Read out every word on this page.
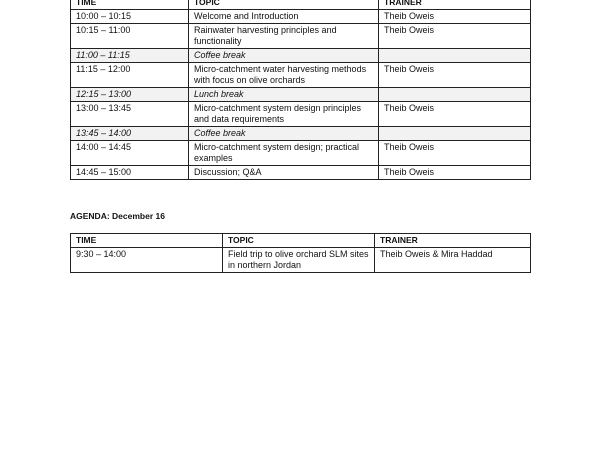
TIME	TOPIC	TRAINER
10:00 – 10:15	Welcome and Introduction	Theib Oweis
10:15 – 11:00	Rainwater harvesting principles and functionality	Theib Oweis
11:00 – 11:15	Coffee break	
11:15 – 12:00	Micro-catchment water harvesting methods with focus on olive orchards	Theib Oweis
12:15 – 13:00	Lunch break	
13:00 – 13:45	Micro-catchment system design principles and data requirements	Theib Oweis
13:45 – 14:00	Coffee break	
14:00 – 14:45	Micro-catchment system design; practical examples	Theib Oweis
14:45 – 15:00	Discussion; Q&A	Theib Oweis
AGENDA: December 16
TIME	TOPIC	TRAINER
9:30 – 14:00	Field trip to olive orchard SLM sites in northern Jordan	Theib Oweis & Mira Haddad
